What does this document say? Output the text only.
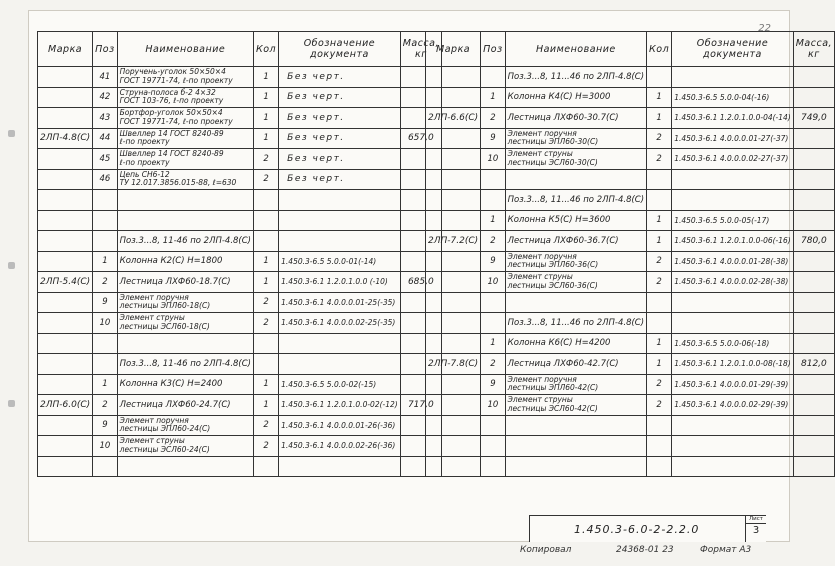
22
Марка	Поз	Наименование	Кол	Обозначение документа	Масса, кг
	41	Поручень-уголок 50×50×4
ГОСТ 19771-74, ℓ-по проекту	1	Без черт.	
	42	Струна-полоса б-2 4×32
ГОСТ 103-76, ℓ-по проекту	1	Без черт.	
	43	Бортфор-уголок 50×50×4
ГОСТ 19771-74, ℓ-по проекту	1	Без черт.	
2ЛП-4.8(С)	44	Швеллер 14 ГОСТ 8240-89
ℓ-по проекту	1	Без черт.	657,0
	45	Швеллер 14 ГОСТ 8240-89
ℓ-по проекту	2	Без черт.	
	46	Цепь СН6-12
ТУ 12.017.3856.015-88, ℓ=630	2	Без черт.	

		Поз.3...8, 11-46 по 2ЛП-4.8(С)			
	1	Колонна К2(С) Н=1800	1	1.450.3-6.5 5.0.0-01(-14)	
2ЛП-5.4(С)	2	Лестница ЛХФ60-18.7(С)	1	1.450.3-6.1 1.2.0.1.0.0 (-10)	685,0
	9	Элемент поручня
лестницы ЭПЛ60-18(С)	2	1.450.3-6.1 4.0.0.0.01-25(-35)	
	10	Элемент струны
лестницы ЭСЛ60-18(С)	2	1.450.3-6.1 4.0.0.0.02-25(-35)	

		Поз.3...8, 11-46 по 2ЛП-4.8(С)			
	1	Колонна К3(С) Н=2400	1	1.450.3-6.5 5.0.0-02(-15)	
2ЛП-6.0(С)	2	Лестница ЛХФ60-24.7(С)	1	1.450.3-6.1 1.2.0.1.0.0-02(-12)	717,0
	9	Элемент поручня
лестницы ЭПЛ60-24(С)	2	1.450.3-6.1 4.0.0.0.01-26(-36)	
	10	Элемент струны
лестницы ЭСЛ60-24(С)	2	1.450.3-6.1 4.0.0.0.02-26(-36)	

Марка	Поз	Наименование	Кол	Обозначение документа	Масса, кг
		Поз.3...8, 11...46 по 2ЛП-4.8(С)			
	1	Колонна К4(С) Н=3000	1	1.450.3-6.5 5.0.0-04(-16)	
2ЛП-6.6(С)	2	Лестница ЛХФ60-30.7(С)	1	1.450.3-6.1 1.2.0.1.0.0-04(-14)	749,0
	9	Элемент поручня
лестницы ЭПЛ60-30(С)	2	1.450.3-6.1 4.0.0.0.01-27(-37)	
	10	Элемент струны
лестницы ЭСЛ60-30(С)	2	1.450.3-6.1 4.0.0.0.02-27(-37)	

		Поз.3...8, 11...46 по 2ЛП-4.8(С)			
	1	Колонна К5(С) Н=3600	1	1.450.3-6.5 5.0.0-05(-17)	
2ЛП-7.2(С)	2	Лестница ЛХФ60-36.7(С)	1	1.450.3-6.1 1.2.0.1.0.0-06(-16)	780,0
	9	Элемент поручня
лестницы ЭПЛ60-36(С)	2	1.450.3-6.1 4.0.0.0.01-28(-38)	
	10	Элемент струны
лестницы ЭСЛ60-36(С)	2	1.450.3-6.1 4.0.0.0.02-28(-38)	

		Поз.3...8, 11...46 по 2ЛП-4.8(С)			
	1	Колонна К6(С) Н=4200	1	1.450.3-6.5 5.0.0-06(-18)	
2ЛП-7.8(С)	2	Лестница ЛХФ60-42.7(С)	1	1.450.3-6.1 1.2.0.1.0.0-08(-18)	812,0
	9	Элемент поручня
лестницы ЭПЛ60-42(С)	2	1.450.3-6.1 4.0.0.0.01-29(-39)	
	10	Элемент струны
лестницы ЭСЛ60-42(С)	2	1.450.3-6.1 4.0.0.0.02-29(-39)	

1.450.3-6.0-2-2.2.0
Лист
3
Копировал	24368-01 23	Формат А3
